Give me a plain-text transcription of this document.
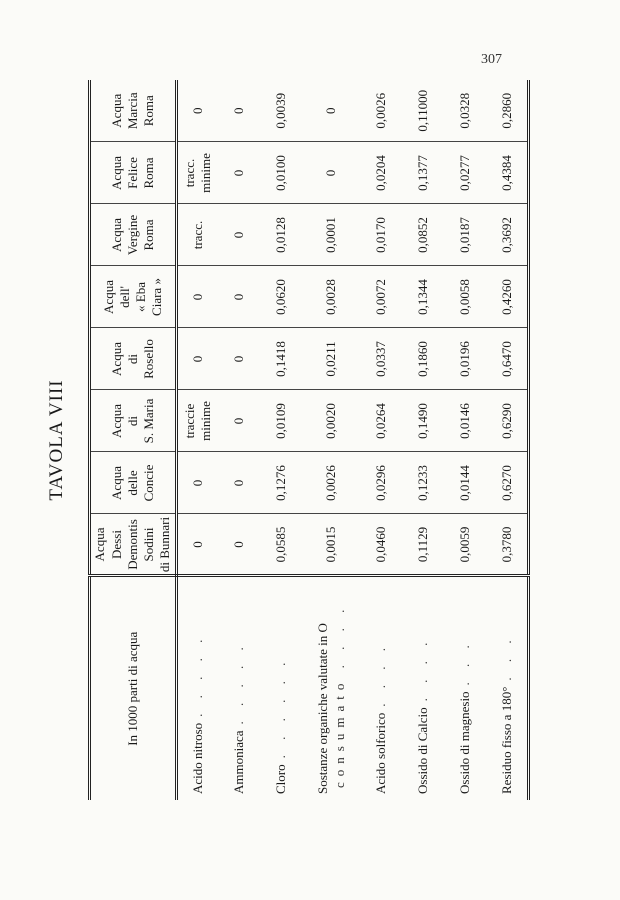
307
TAVOLA VIII
In 1000 parti di acqua	Acqua Dessi Demontis Sodini di Bunnari	Acqua delle Concie	Acqua di S. Maria	Acqua di Rosello	Acqua dell' « Eba Ciara »	Acqua Vergine Roma	Acqua Felice Roma	Acqua Marcia Roma

Acido nitroso. . . . .	0	0	traccie minime	0	0	tracc.	tracc. minime	0
Ammoniaca. . . . .	0	0	0	0	0	0	0	0
Cloro. . . . . .	0,0585	0,1276	0,0109	0,1418	0,0620	0,0128	0,0100	0,0039

Sostanze organiche valutate in O consumato . . . .	0,0015	0,0026	0,0020	0,0211	0,0028	0,0001	0	0
Acido solforico. . . .	0,0460	0,0296	0,0264	0,0337	0,0072	0,0170	0,0204	0,0026
Ossido di Calcio. . . .	0,1129	0,1233	0,1490	0,1860	0,1344	0,0852	0,1377	0,11000
Ossido di magnesio. . .	0,0059	0,0144	0,0146	0,0196	0,0058	0,0187	0,0277	0,0328
Residuo fisso a 180°. . .	0,3780	0,6270	0,6290	0,6470	0,4260	0,3692	0,4384	0,2860
